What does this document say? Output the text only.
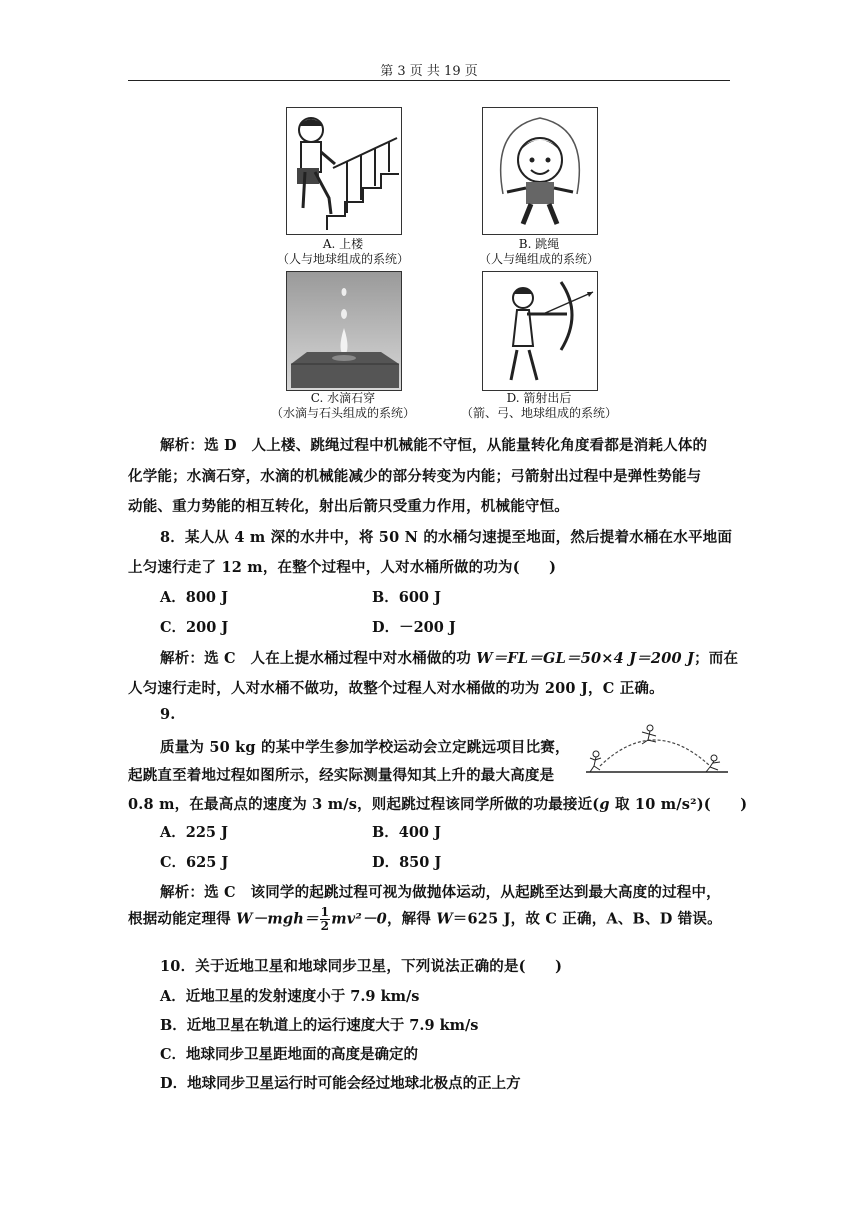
第 3 页 共 19 页
A. 上楼
（人与地球组成的系统）
B. 跳绳
（人与绳组成的系统）
C. 水滴石穿
（水滴与石头组成的系统）
D. 箭射出后
（箭、弓、地球组成的系统）
解析：选 D　人上楼、跳绳过程中机械能不守恒，从能量转化角度看都是消耗人体的
化学能；水滴石穿，水滴的机械能减少的部分转变为内能；弓箭射出过程中是弹性势能与
动能、重力势能的相互转化，射出后箭只受重力作用，机械能守恒。
8．某人从 4 m 深的水井中，将 50 N 的水桶匀速提至地面，然后提着水桶在水平地面
上匀速行走了 12 m，在整个过程中，人对水桶所做的功为(　　)
A．800 J	B．600 J
C．200 J	D．－200 J
解析：选 C　人在上提水桶过程中对水桶做的功 W＝FL＝GL＝50×4 J＝200 J；而在
人匀速行走时，人对水桶不做功，故整个过程人对水桶做的功为 200 J，C 正确。
9.
质量为 50 kg 的某中学生参加学校运动会立定跳远项目比赛，
起跳直至着地过程如图所示，经实际测量得知其上升的最大高度是
0.8 m，在最高点的速度为 3 m/s，则起跳过程该同学所做的功最接近(g 取 10 m/s²)(　　)
A．225 J	B．400 J
C．625 J	D．850 J
解析：选 C　该同学的起跳过程可视为做抛体运动，从起跳至达到最大高度的过程中，
根据动能定理得 $W-mgh= \frac{1}{2} mv^2-0$，解得 W＝625 J，故 C 正确，A、B、D 错误。
10．关于近地卫星和地球同步卫星，下列说法正确的是(　　)
A．近地卫星的发射速度小于 7.9 km/s
B．近地卫星在轨道上的运行速度大于 7.9 km/s
C．地球同步卫星距地面的高度是确定的
D．地球同步卫星运行时可能会经过地球北极点的正上方
